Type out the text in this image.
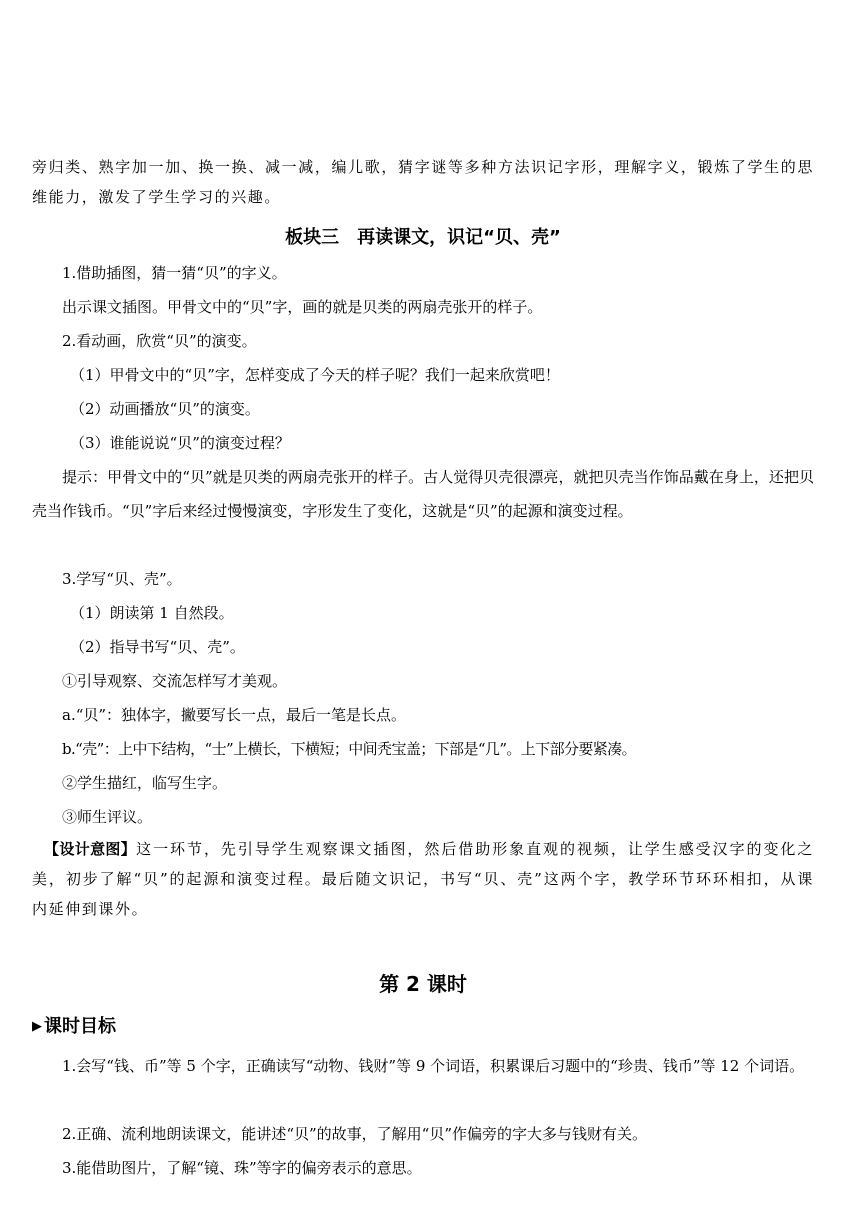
旁归类、熟字加一加、换一换、减一减，编儿歌，猜字谜等多种方法识记字形，理解字义，锻炼了学生的思维能力，激发了学生学习的兴趣。
板块三　再读课文，识记“贝、壳”
1.借助插图，猜一猜“贝”的字义。
出示课文插图。甲骨文中的“贝”字，画的就是贝类的两扇壳张开的样子。
2.看动画，欣赏“贝”的演变。
（1）甲骨文中的“贝”字，怎样变成了今天的样子呢？我们一起来欣赏吧！
（2）动画播放“贝”的演变。
（3）谁能说说“贝”的演变过程？
提示：甲骨文中的“贝”就是贝类的两扇壳张开的样子。古人觉得贝壳很漂亮，就把贝壳当作饰品戴在身上，还把贝壳当作钱币。“贝”字后来经过慢慢演变，字形发生了变化，这就是“贝”的起源和演变过程。
3.学写“贝、壳”。
（1）朗读第 1 自然段。
（2）指导书写“贝、壳”。
①引导观察、交流怎样写才美观。
a.“贝”：独体字，撇要写长一点，最后一笔是长点。
b.“壳”：上中下结构，“士”上横长，下横短；中间秃宝盖；下部是“几”。上下部分要紧凑。
②学生描红，临写生字。
③师生评议。
【设计意图】这一环节，先引导学生观察课文插图，然后借助形象直观的视频，让学生感受汉字的变化之美，初步了解“贝”的起源和演变过程。最后随文识记，书写“贝、壳”这两个字，教学环节环环相扣，从课内延伸到课外。
第 2 课时
▶ 课时目标
1.会写“钱、币”等 5 个字，正确读写“动物、钱财”等 9 个词语，积累课后习题中的“珍贵、钱币”等 12 个词语。
2.正确、流利地朗读课文，能讲述“贝”的故事，了解用“贝”作偏旁的字大多与钱财有关。
3.能借助图片，了解“镜、珠”等字的偏旁表示的意思。
